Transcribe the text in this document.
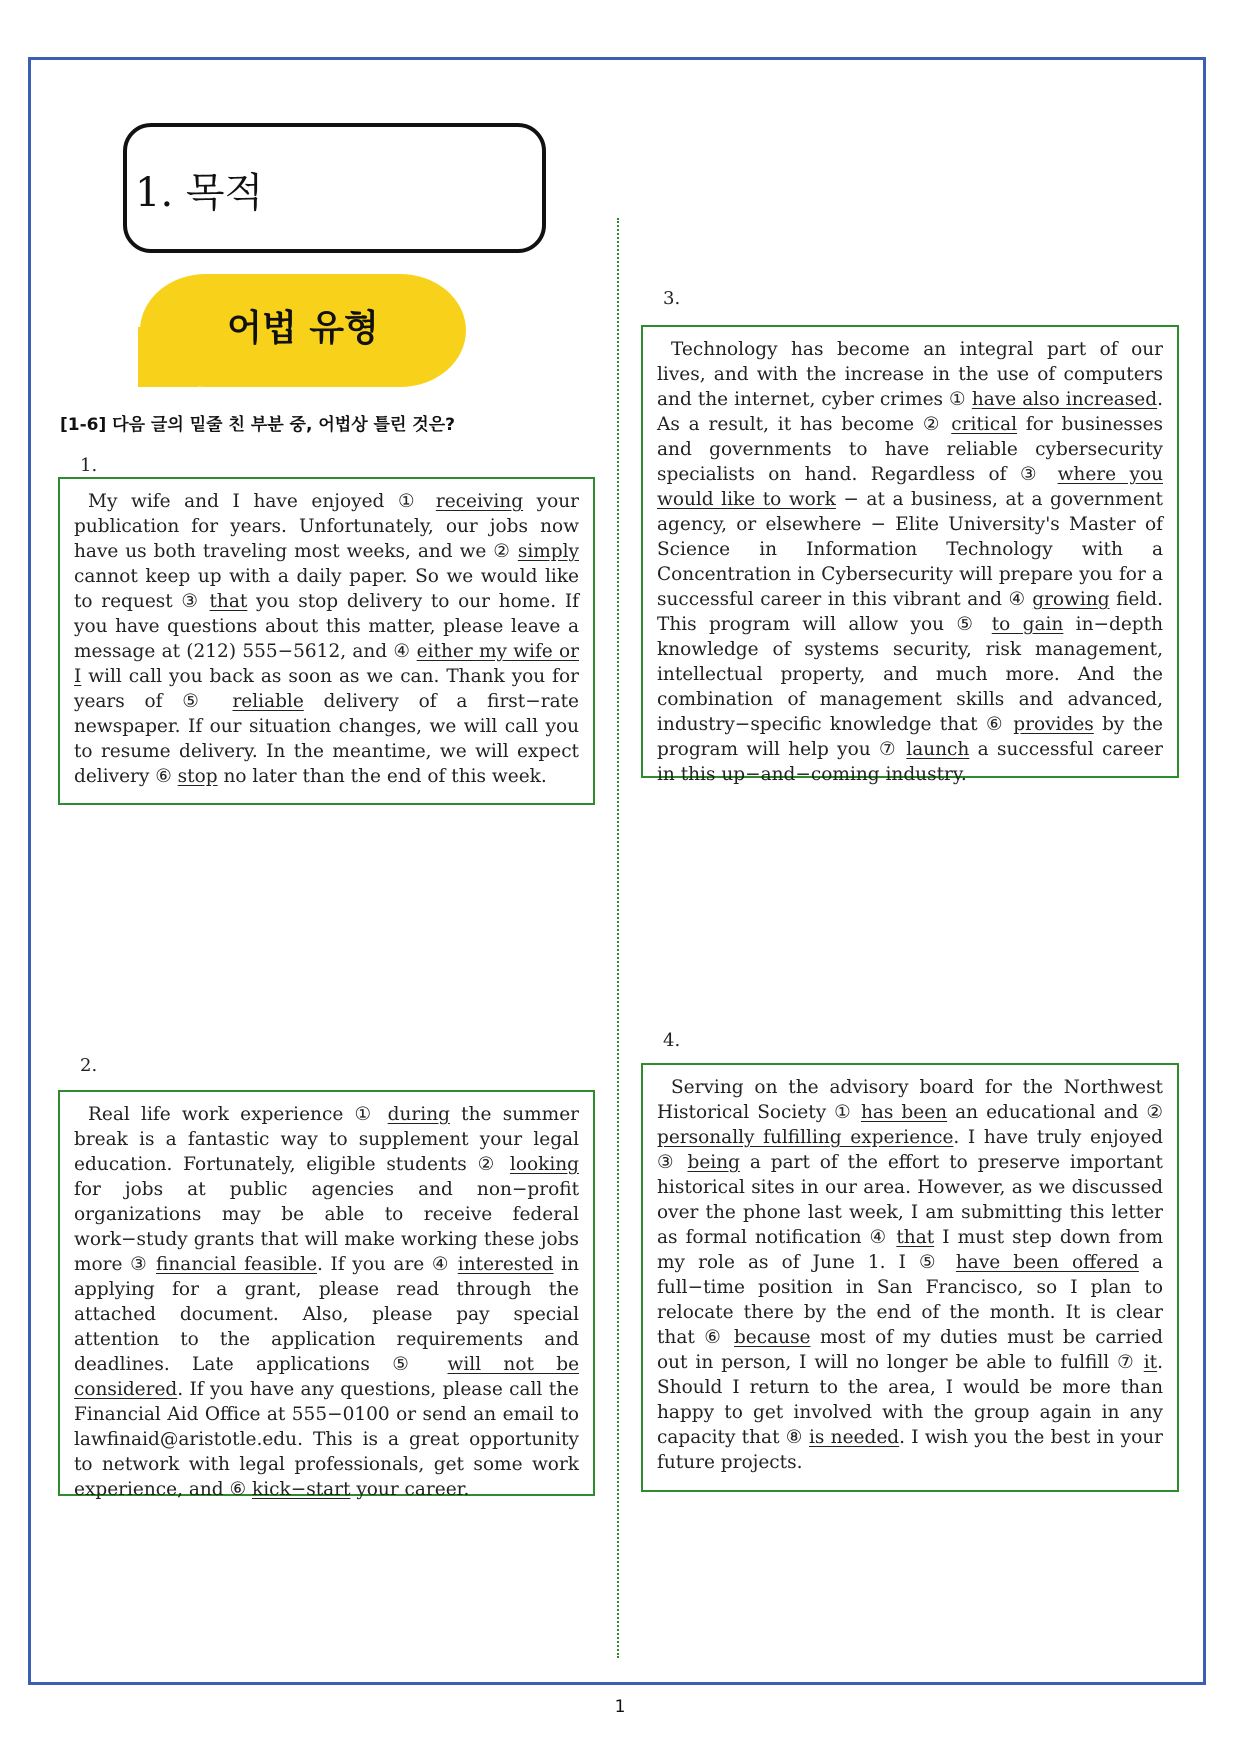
1. 목적
어법 유형
[1-6] 다음 글의 밑줄 친 부분 중, 어법상 틀린 것은?
1.

My wife and I have enjoyed ① receiving your publication for years. Unfortunately, our jobs now have us both traveling most weeks, and we ② simply cannot keep up with a daily paper. So we would like to request ③ that you stop delivery to our home. If you have questions about this matter, please leave a message at (212) 555−5612, and ④ either my wife or I will call you back as soon as we can. Thank you for years of ⑤ reliable delivery of a first−rate newspaper. If our situation changes, we will call you to resume delivery. In the meantime, we will expect delivery ⑥ stop no later than the end of this week.

2.

Real life work experience ① during the summer break is a fantastic way to supplement your legal education. Fortunately, eligible students ② looking for jobs at public agencies and non−profit organizations may be able to receive federal work−study grants that will make working these jobs more ③ financial feasible. If you are ④ interested in applying for a grant, please read through the attached document. Also, please pay special attention to the application requirements and deadlines. Late applications ⑤ will not be considered. If you have any questions, please call the Financial Aid Office at 555−0100 or send an email to lawfinaid@aristotle.edu. This is a great opportunity to network with legal professionals, get some work experience, and ⑥ kick−start your career.

3.

Technology has become an integral part of our lives, and with the increase in the use of computers and the internet, cyber crimes ① have also increased. As a result, it has become ② critical for businesses and governments to have reliable cybersecurity specialists on hand. Regardless of ③ where you would like to work − at a business, at a government agency, or elsewhere − Elite University's Master of Science in Information Technology with a Concentration in Cybersecurity will prepare you for a successful career in this vibrant and ④ growing field. This program will allow you ⑤ to gain in−depth knowledge of systems security, risk management, intellectual property, and much more. And the combination of management skills and advanced, industry−specific knowledge that ⑥ provides by the program will help you ⑦ launch a successful career in this up−and−coming industry.

4.

Serving on the advisory board for the Northwest Historical Society ① has been an educational and ② personally fulfilling experience. I have truly enjoyed ③ being a part of the effort to preserve important historical sites in our area. However, as we discussed over the phone last week, I am submitting this letter as formal notification ④ that I must step down from my role as of June 1. I ⑤ have been offered a full−time position in San Francisco, so I plan to relocate there by the end of the month. It is clear that ⑥ because most of my duties must be carried out in person, I will no longer be able to fulfill ⑦ it. Should I return to the area, I would be more than happy to get involved with the group again in any capacity that ⑧ is needed. I wish you the best in your future projects.

1
